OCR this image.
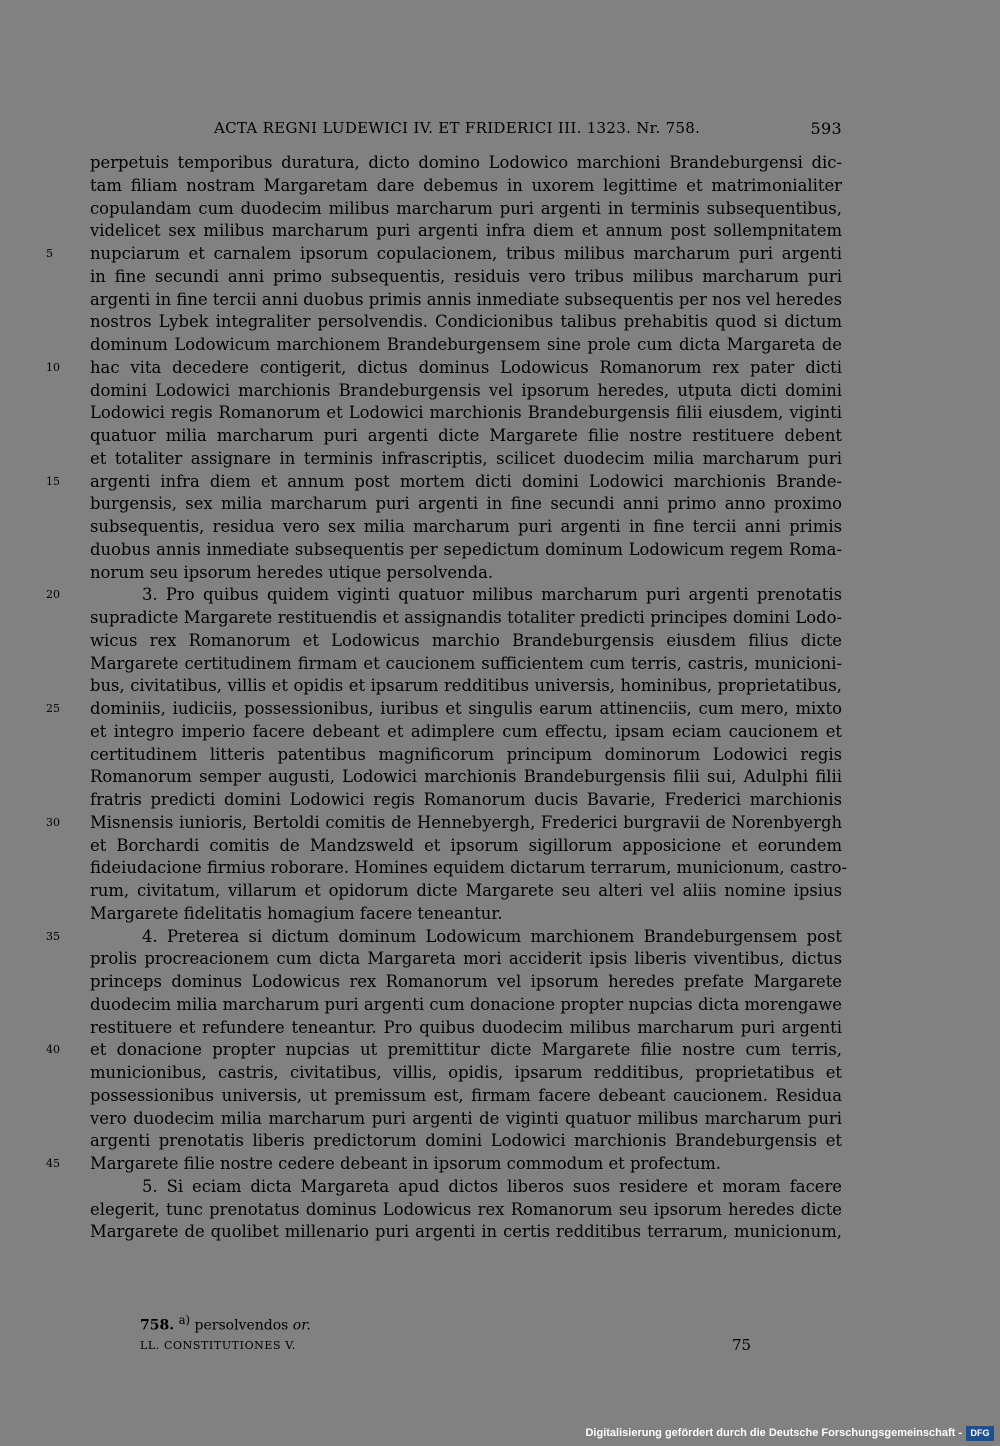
ACTA REGNI LUDEWICI IV. ET FRIDERICI III. 1323. Nr. 758.	593
perpetuis temporibus duratura, dicto domino Lodowico marchioni Brandeburgensi dic-
tam filiam nostram Margaretam dare debemus in uxorem legittime et matrimonialiter
copulandam cum duodecim milibus marcharum puri argenti in terminis subsequentibus,
videlicet sex milibus marcharum puri argenti infra diem et annum post sollempnitatem
5	nupciarum et carnalem ipsorum copulacionem, tribus milibus marcharum puri argenti
in fine secundi anni primo subsequentis, residuis vero tribus milibus marcharum puri
argenti in fine tercii anni duobus primis annis inmediate subsequentis per nos vel heredes
nostros Lybek integraliter persolvendis. Condicionibus talibus prehabitis quod si dictum
dominum Lodowicum marchionem Brandeburgensem sine prole cum dicta Margareta de
10	hac vita decedere contigerit, dictus dominus Lodowicus Romanorum rex pater dicti
domini Lodowici marchionis Brandeburgensis vel ipsorum heredes, utputa dicti domini
Lodowici regis Romanorum et Lodowici marchionis Brandeburgensis filii eiusdem, viginti
quatuor milia marcharum puri argenti dicte Margarete filie nostre restituere debent
et totaliter assignare in terminis infrascriptis, scilicet duodecim milia marcharum puri
15	argenti infra diem et annum post mortem dicti domini Lodowici marchionis Brande-
burgensis, sex milia marcharum puri argenti in fine secundi anni primo anno proximo
subsequentis, residua vero sex milia marcharum puri argenti in fine tercii anni primis
duobus annis inmediate subsequentis per sepedictum dominum Lodowicum regem Roma-
norum seu ipsorum heredes utique persolvenda.
20	3. Pro quibus quidem viginti quatuor milibus marcharum puri argenti prenotatis
supradicte Margarete restituendis et assignandis totaliter predicti principes domini Lodo-
wicus rex Romanorum et Lodowicus marchio Brandeburgensis eiusdem filius dicte
Margarete certitudinem firmam et caucionem sufficientem cum terris, castris, municioni-
bus, civitatibus, villis et opidis et ipsarum redditibus universis, hominibus, proprietatibus,
25	dominiis, iudiciis, possessionibus, iuribus et singulis earum attinenciis, cum mero, mixto
et integro imperio facere debeant et adimplere cum effectu, ipsam eciam caucionem et
certitudinem litteris patentibus magnificorum principum dominorum Lodowici regis
Romanorum semper augusti, Lodowici marchionis Brandeburgensis filii sui, Adulphi filii
fratris predicti domini Lodowici regis Romanorum ducis Bavarie, Frederici marchionis
30	Misnensis iunioris, Bertoldi comitis de Hennebyergh, Frederici burgravii de Norenbyergh
et Borchardi comitis de Mandzsweld et ipsorum sigillorum apposicione et eorundem
fideiudacione firmius roborare. Homines equidem dictarum terrarum, municionum, castro-
rum, civitatum, villarum et opidorum dicte Margarete seu alteri vel aliis nomine ipsius
Margarete fidelitatis homagium facere teneantur.
35	4. Preterea si dictum dominum Lodowicum marchionem Brandeburgensem post
prolis procreacionem cum dicta Margareta mori acciderit ipsis liberis viventibus, dictus
princeps dominus Lodowicus rex Romanorum vel ipsorum heredes prefate Margarete
duodecim milia marcharum puri argenti cum donacione propter nupcias dicta morengawe
restituere et refundere teneantur. Pro quibus duodecim milibus marcharum puri argenti
40	et donacione propter nupcias ut premittitur dicte Margarete filie nostre cum terris,
municionibus, castris, civitatibus, villis, opidis, ipsarum redditibus, proprietatibus et
possessionibus universis, ut premissum est, firmam facere debeant caucionem. Residua
vero duodecim milia marcharum puri argenti de viginti quatuor milibus marcharum puri
argenti prenotatis liberis predictorum domini Lodowici marchionis Brandeburgensis et
45	Margarete filie nostre cedere debeant in ipsorum commodum et profectum.
5. Si eciam dicta Margareta apud dictos liberos suos residere et moram facere
elegerit, tunc prenotatus dominus Lodowicus rex Romanorum seu ipsorum heredes dicte
Margarete de quolibet millenario puri argenti in certis redditibus terrarum, municionum,
758. $^{a)}$ persolvendos or.
LL. CONSTITUTIONES V.	75
Digitalisierung gefördert durch die Deutsche Forschungsgemeinschaft - DFG
